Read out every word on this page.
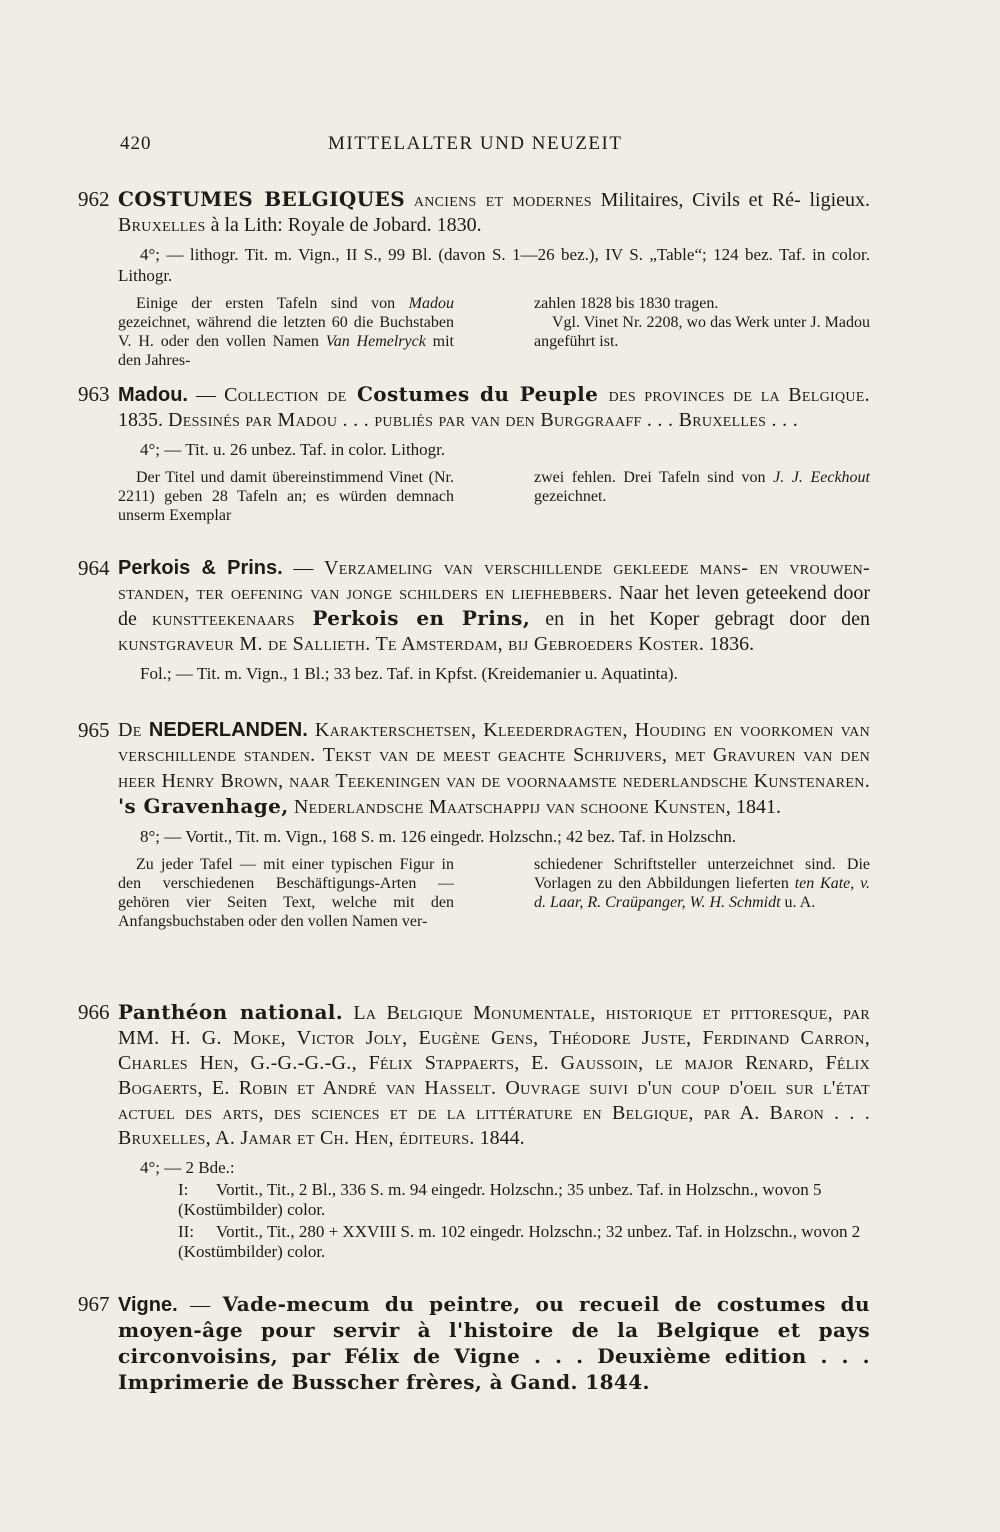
420	MITTELALTER UND NEUZEIT
962 COSTUMES BELGIQUES anciens et modernes Militaires, Civils et Ré- ligieux. Bruxelles à la Lith: Royale de Jobard. 1830.

4°; — lithogr. Tit. m. Vign., II S., 99 Bl. (davon S. 1—26 bez.), IV S. „Table“; 124 bez. Taf. in color. Lithogr.

Einige der ersten Tafeln sind von Madou gezeichnet, während die letzten 60 die Buchstaben V. H. oder den vollen Namen Van Hemelryck mit den Jahres-

zahlen 1828 bis 1830 tragen.

Vgl. Vinet Nr. 2208, wo das Werk unter J. Madou angeführt ist.

963 Madou. — Collection de Costumes du Peuple des provinces de la Belgique. 1835. Dessinés par Madou . . . publiés par van den Burggraaff . . . Bruxelles . . .

4°; — Tit. u. 26 unbez. Taf. in color. Lithogr.

Der Titel und damit übereinstimmend Vinet (Nr. 2211) geben 28 Tafeln an; es würden demnach unserm Exemplar

zwei fehlen. Drei Tafeln sind von J. J. Eeckhout gezeichnet.

964 Perkois & Prins. — Verzameling van verschillende gekleede mans- en vrouwen-standen, ter oefening van jonge schilders en liefhebbers. Naar het leven geteekend door de kunstteekenaars Perkois en Prins, en in het Koper gebragt door den kunstgraveur M. de Sallieth. Te Amsterdam, bij Gebroeders Koster. 1836.

Fol.; — Tit. m. Vign., 1 Bl.; 33 bez. Taf. in Kpfst. (Kreidemanier u. Aquatinta).

965 De NEDERLANDEN. Karakterschetsen, Kleederdragten, Houding en voorkomen van verschillende standen. Tekst van de meest geachte Schrijvers, met Gravuren van den heer Henry Brown, naar Teekeningen van de voornaamste nederlandsche Kunstenaren. 's Gravenhage, Nederlandsche Maatschappij van schoone Kunsten, 1841.

8°; — Vortit., Tit. m. Vign., 168 S. m. 126 eingedr. Holzschn.; 42 bez. Taf. in Holzschn.

Zu jeder Tafel — mit einer typischen Figur in den verschiedenen Beschäftigungs-Arten — gehören vier Seiten Text, welche mit den Anfangsbuchstaben oder den vollen Namen ver-

schiedener Schriftsteller unterzeichnet sind. Die Vorlagen zu den Abbildungen lieferten ten Kate, v. d. Laar, R. Craüpanger, W. H. Schmidt u. A.

966 Panthéon national. La Belgique Monumentale, historique et pittoresque, par MM. H. G. Moke, Victor Joly, Eugène Gens, Théodore Juste, Ferdinand Carron, Charles Hen, G.-G.-G.-G., Félix Stappaerts, E. Gaussoin, le major Renard, Félix Bogaerts, E. Robin et André van Hasselt. Ouvrage suivi d'un coup d'oeil sur l'état actuel des arts, des sciences et de la littérature en Belgique, par A. Baron . . . Bruxelles, A. Jamar et Ch. Hen, éditeurs. 1844.

4°; — 2 Bde.:

I: Vortit., Tit., 2 Bl., 336 S. m. 94 eingedr. Holzschn.; 35 unbez. Taf. in Holzschn., wovon 5 (Kostümbilder) color.
II: Vortit., Tit., 280 + XXVIII S. m. 102 eingedr. Holzschn.; 32 unbez. Taf. in Holzschn., wovon 2 (Kostümbilder) color.
967 Vigne. — Vade-mecum du peintre, ou recueil de costumes du moyen-âge pour servir à l'histoire de la Belgique et pays circonvoisins, par Félix de Vigne . . . Deuxième edition . . . Imprimerie de Busscher frères, à Gand. 1844.
